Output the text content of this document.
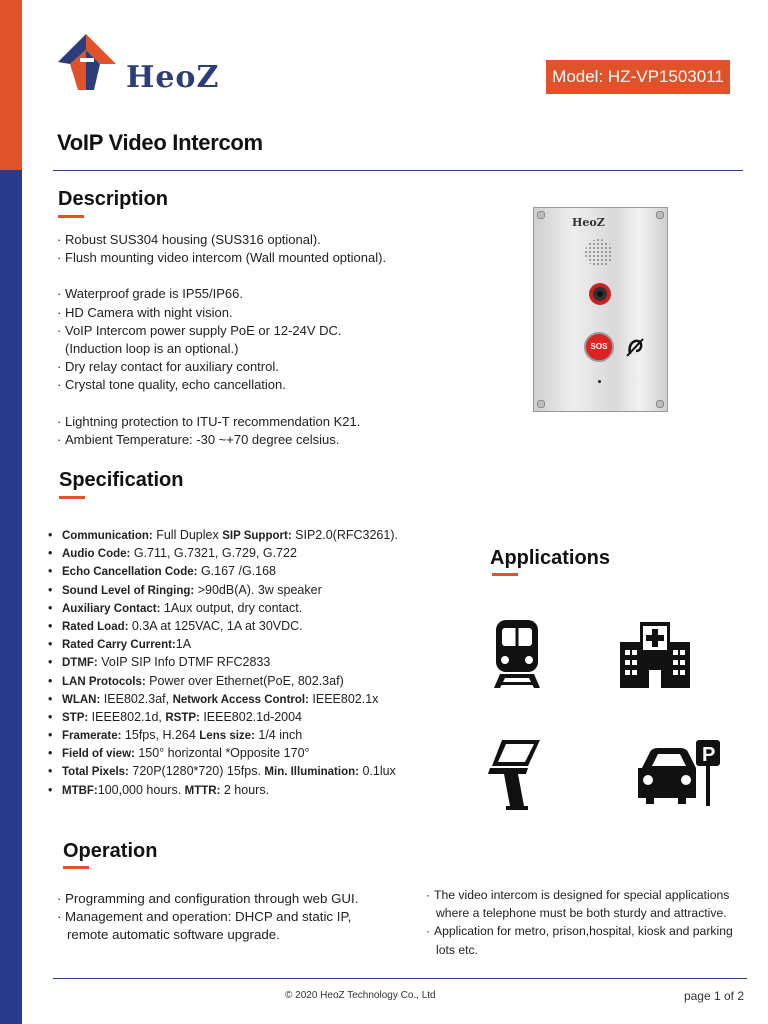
HeoZ	Model: HZ-VP1503011
VoIP Video Intercom
Description
· Robust SUS304 housing (SUS316 optional).
· Flush mounting video intercom (Wall mounted optional).
· Waterproof grade is IP55/IP66.
· HD Camera with night vision.
· VoIP Intercom power supply PoE or 12-24V DC.
(Induction loop is an optional.)
· Dry relay contact for auxiliary control.
· Crystal tone quality, echo cancellation.
· Lightning protection to ITU-T recommendation K21.
· Ambient Temperature: -30 ~+70 degree celsius.
HeoZ
SOS
Specification
• Communication: Full Duplex SIP Support: SIP2.0(RFC3261).
• Audio Code: G.711, G.7321, G.729, G.722
• Echo Cancellation Code: G.167 /G.168
• Sound Level of Ringing: >90dB(A). 3w speaker
• Auxiliary Contact: 1Aux output, dry contact.
• Rated Load: 0.3A at 125VAC, 1A at 30VDC.
• Rated Carry Current:1A
• DTMF: VoIP SIP Info DTMF RFC2833
• LAN Protocols: Power over Ethernet(PoE, 802.3af)
• WLAN: IEE802.3af, Network Access Control: IEEE802.1x
• STP: IEEE802.1d, RSTP: IEEE802.1d-2004
• Framerate: 15fps, H.264 Lens size: 1/4 inch
• Field of view: 150° horizontal *Opposite 170°
• Total Pixels: 720P(1280*720) 15fps. Min. Illumination: 0.1lux
• MTBF:100,000 hours. MTTR: 2 hours.
Applications
P
Operation
· Programming and configuration through web GUI.
· Management and operation: DHCP and static IP,
remote automatic software upgrade.
· The video intercom is designed for special applications
where a telephone must be both sturdy and attractive.
· Application for metro, prison,hospital, kiosk and parking
lots etc.
© 2020 HeoZ Technology Co., Ltd	page 1 of 2
